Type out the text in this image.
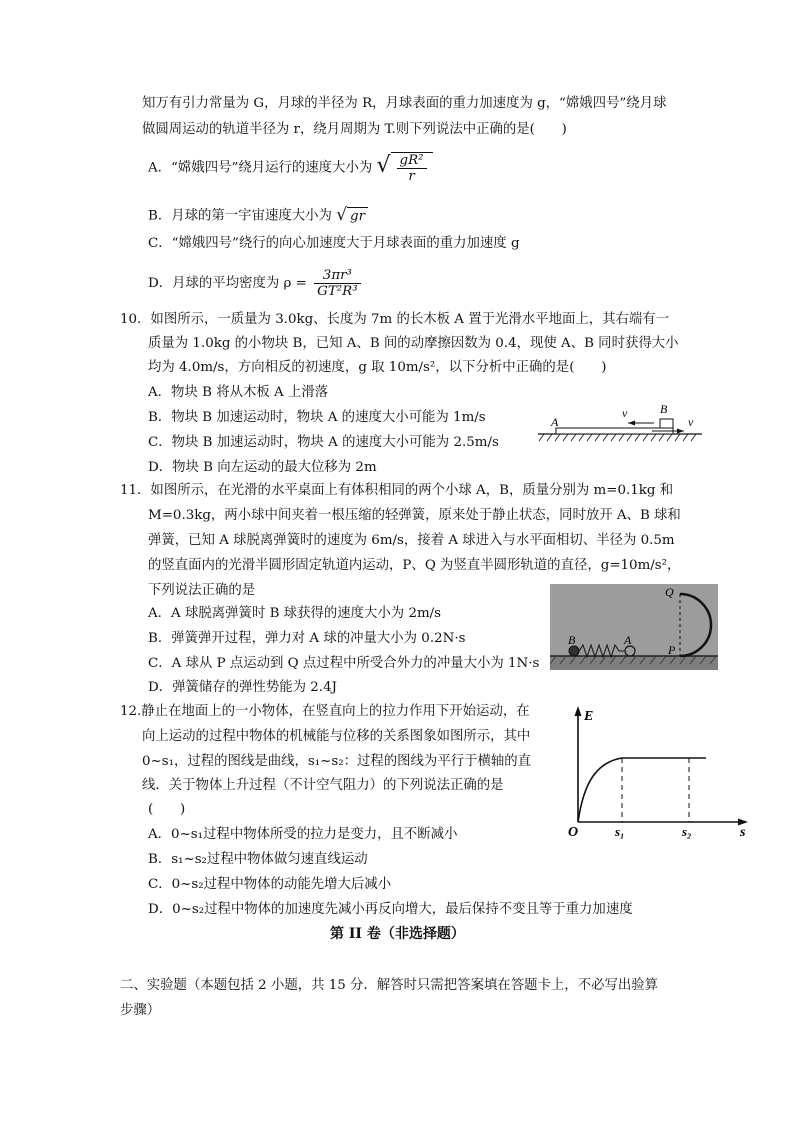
知万有引力常量为 G，月球的半径为 R，月球表面的重力加速度为 g，“嫦娥四号”绕月球
做圆周运动的轨道半径为 r，绕月周期为 T.则下列说法中正确的是(　　)
A．“嫦娥四号”绕月运行的速度大小为 √ $\frac{\text{gR²}}{r}$
B．月球的第一宇宙速度大小为 √ gr
C．“嫦娥四号”绕行的向心加速度大于月球表面的重力加速度 g
D．月球的平均密度为 $\rho = \frac{\text{3πr³}}{\text{GT²R³}}$
10．如图所示，一质量为 3.0kg、长度为 7m 的长木板 A 置于光滑水平地面上，其右端有一
质量为 1.0kg 的小物块 B，已知 A、B 间的动摩擦因数为 0.4，现使 A、B 同时获得大小
均为 4.0m/s，方向相反的初速度，g 取 10m/s²，以下分析中正确的是(　　)
A．物块 B 将从木板 A 上滑落
B．物块 B 加速运动时，物块 A 的速度大小可能为 1m/s
C．物块 B 加速运动时，物块 A 的速度大小可能为 2.5m/s
D．物块 B 向左运动的最大位移为 2m
A
B
v
v
11．如图所示，在光滑的水平桌面上有体积相同的两个小球 A，B，质量分别为 m=0.1kg 和
M=0.3kg，两小球中间夹着一根压缩的轻弹簧，原来处于静止状态，同时放开 A、B 球和
弹簧，已知 A 球脱离弹簧时的速度为 6m/s，接着 A 球进入与水平面相切、半径为 0.5m
的竖直面内的光滑半圆形固定轨道内运动，P、Q 为竖直半圆形轨道的直径，g=10m/s²，
下列说法正确的是
A．A 球脱离弹簧时 B 球获得的速度大小为 2m/s
B．弹簧弹开过程，弹力对 A 球的冲量大小为 0.2N·s
C．A 球从 P 点运动到 Q 点过程中所受合外力的冲量大小为 1N·s
D．弹簧储存的弹性势能为 2.4J
Q
P
A
B
12.静止在地面上的一小物体，在竖直向上的拉力作用下开始运动，在
向上运动的过程中物体的机械能与位移的关系图象如图所示，其中
0~s₁，过程的图线是曲线，s₁~s₂：过程的图线为平行于横轴的直
线．关于物体上升过程（不计空气阻力）的下列说法正确的是
(　　)
A．0~s₁过程中物体所受的拉力是变力，且不断减小
B．s₁~s₂过程中物体做匀速直线运动
C．0~s₂过程中物体的动能先增大后减小
D．0~s₂过程中物体的加速度先减小再反向增大，最后保持不变且等于重力加速度
E
O	s₁	s₂	s
第 II 卷（非选择题）
二、实验题（本题包括 2 小题，共 15 分．解答时只需把答案填在答题卡上，不必写出验算
步骤）
